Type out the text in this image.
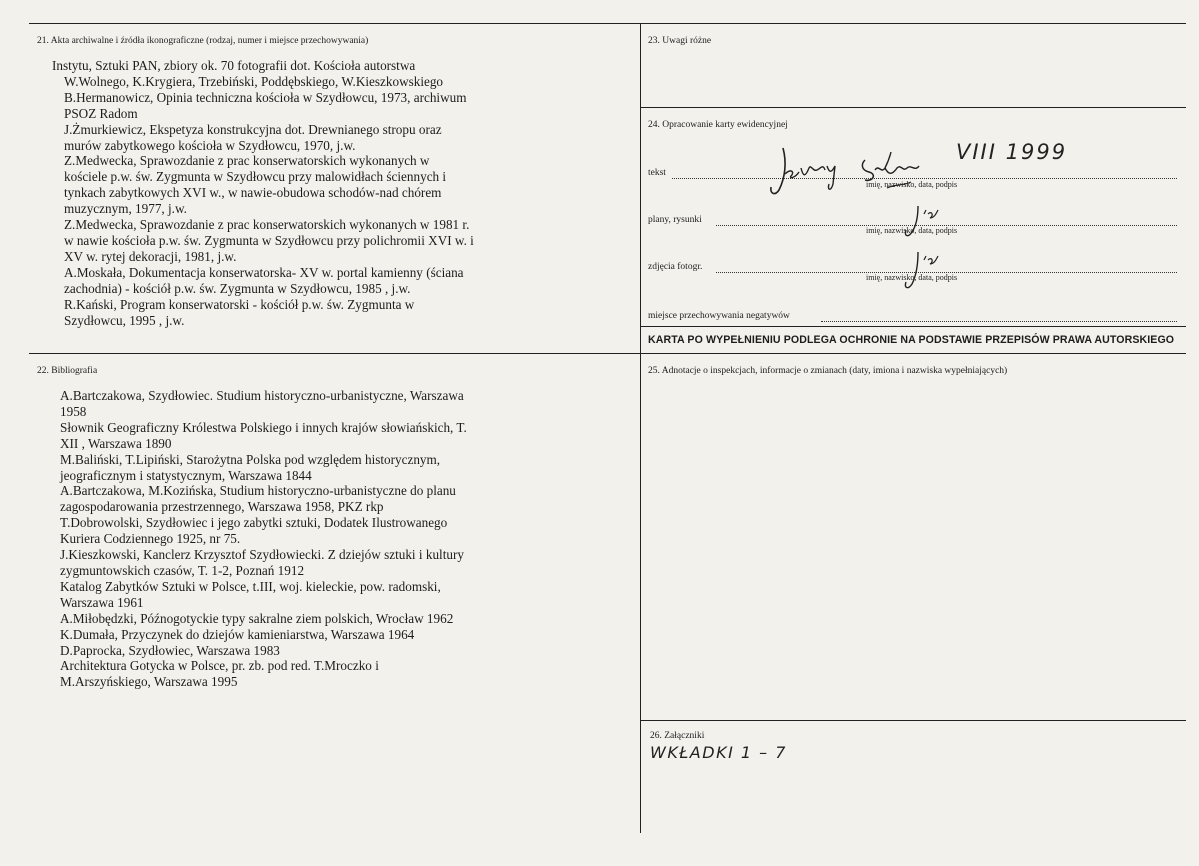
21. Akta archiwalne i źródła ikonograficzne (rodzaj, numer i miejsce przechowywania)
Instytu, Sztuki PAN, zbiory ok. 70 fotografii dot. Kościoła autorstwa
W.Wolnego, K.Krygiera, Trzebiński, Poddębskiego, W.Kieszkowskiego
B.Hermanowicz, Opinia techniczna kościoła w Szydłowcu, 1973, archiwum
PSOZ Radom
J.Żmurkiewicz, Ekspetyza konstrukcyjna dot. Drewnianego stropu oraz
murów zabytkowego kościoła w Szydłowcu, 1970, j.w.
Z.Medwecka, Sprawozdanie z prac konserwatorskich wykonanych w
kościele p.w. św. Zygmunta w Szydłowcu przy malowidłach ściennych i
tynkach zabytkowych XVI w., w nawie-obudowa schodów-nad chórem
muzycznym, 1977, j.w.
Z.Medwecka, Sprawozdanie z prac konserwatorskich wykonanych w 1981 r.
w nawie kościoła p.w. św. Zygmunta w Szydłowcu przy polichromii XVI w. i
XV w. rytej dekoracji, 1981, j.w.
A.Moskała, Dokumentacja konserwatorska- XV w. portal kamienny (ściana
zachodnia) - kościół p.w. św. Zygmunta w Szydłowcu, 1985 , j.w.
R.Kański, Program konserwatorski - kościół p.w. św. Zygmunta w
Szydłowcu, 1995 , j.w.
22. Bibliografia
A.Bartczakowa, Szydłowiec. Studium historyczno-urbanistyczne, Warszawa
1958
Słownik Geograficzny Królestwa Polskiego i innych krajów słowiańskich, T.
XII , Warszawa 1890
M.Baliński, T.Lipiński, Starożytna Polska pod względem historycznym,
jeograficznym i statystycznym, Warszawa 1844
A.Bartczakowa, M.Kozińska, Studium historyczno-urbanistyczne do planu
zagospodarowania przestrzennego, Warszawa 1958, PKZ rkp
T.Dobrowolski, Szydłowiec i jego zabytki sztuki, Dodatek Ilustrowanego
Kuriera Codziennego 1925, nr 75.
J.Kieszkowski, Kanclerz Krzysztof Szydłowiecki. Z dziejów sztuki i kultury
zygmuntowskich czasów, T. 1-2, Poznań 1912
Katalog Zabytków Sztuki w Polsce, t.III, woj. kieleckie, pow. radomski,
Warszawa 1961
A.Miłobędzki, Późnogotyckie typy sakralne ziem polskich, Wrocław 1962
K.Dumała, Przyczynek do dziejów kamieniarstwa, Warszawa 1964
D.Paprocka, Szydłowiec, Warszawa 1983
Architektura Gotycka w Polsce, pr. zb. pod red. T.Mroczko i
M.Arszyńskiego, Warszawa 1995
23. Uwagi różne
24. Opracowanie karty ewidencyjnej
tekst
imię, nazwisko, data, podpis
plany, rysunki
imię, nazwisko, data, podpis
zdjęcia fotogr.
imię, nazwisko, data, podpis
miejsce przechowywania negatywów
KARTA PO WYPEŁNIENIU PODLEGA OCHRONIE NA PODSTAWIE PRZEPISÓW PRAWA AUTORSKIEGO
VIII 1999
25. Adnotacje o inspekcjach, informacje o zmianach (daty, imiona i nazwiska wypełniających)
26. Załączniki
WKŁADKI 1 – 7
